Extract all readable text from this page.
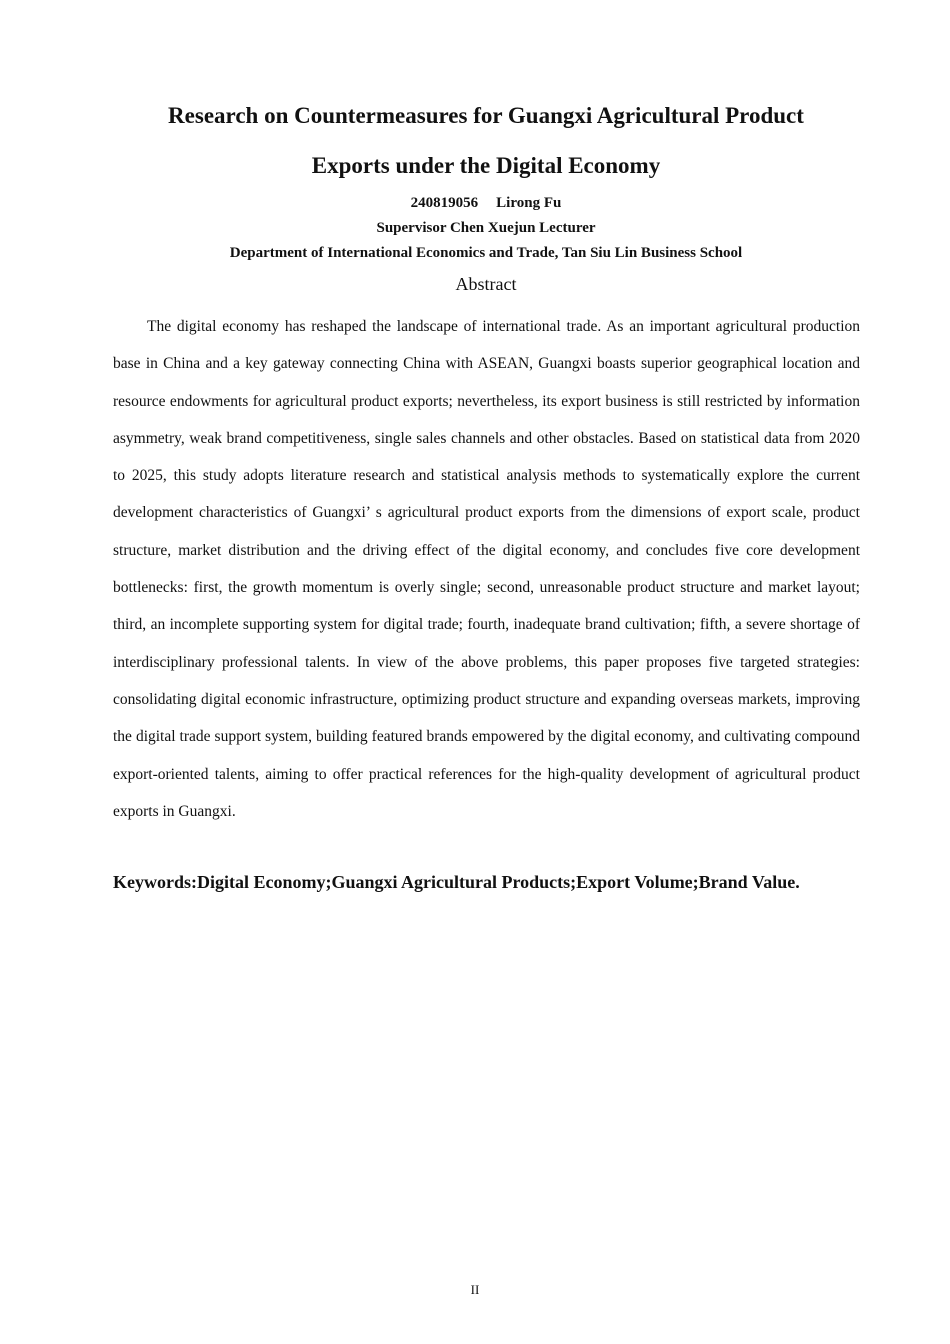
Research on Countermeasures for Guangxi Agricultural Product
Exports under the Digital Economy

240819056 Lirong Fu

Supervisor Chen Xuejun Lecturer

Department of International Economics and Trade, Tan Siu Lin Business School

Abstract

The digital economy has reshaped the landscape of international trade. As an important agricultural production base in China and a key gateway connecting China with ASEAN, Guangxi boasts superior geographical location and resource endowments for agricultural product exports; nevertheless, its export business is still restricted by information asymmetry, weak brand competitiveness, single sales channels and other obstacles. Based on statistical data from 2020 to 2025, this study adopts literature research and statistical analysis methods to systematically explore the current development characteristics of Guangxi’ s agricultural product exports from the dimensions of export scale, product structure, market distribution and the driving effect of the digital economy, and concludes five core development bottlenecks: first, the growth momentum is overly single; second, unreasonable product structure and market layout; third, an incomplete supporting system for digital trade; fourth, inadequate brand cultivation; fifth, a severe shortage of interdisciplinary professional talents. In view of the above problems, this paper proposes five targeted strategies: consolidating digital economic infrastructure, optimizing product structure and expanding overseas markets, improving the digital trade support system, building featured brands empowered by the digital economy, and cultivating compound export-oriented talents, aiming to offer practical references for the high-quality development of agricultural product exports in Guangxi.

Keywords:Digital Economy;Guangxi Agricultural Products;Export Volume;Brand Value.

II
